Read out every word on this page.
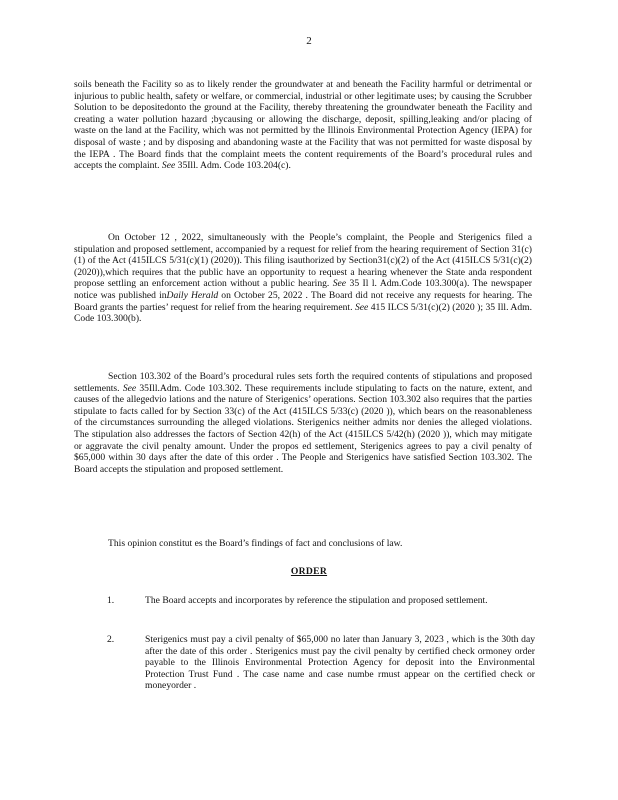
2

soils beneath the Facility so as to likely render the groundwater at and beneath the Facility harmful or detrimental or injurious to public health, safety or welfare, or commercial, industrial or other legitimate uses; by causing the Scrubber Solution to be depositedonto the ground at the Facility, thereby threatening the groundwater beneath the Facility and creating a water pollution hazard ;bycausing or allowing the discharge, deposit, spilling,leaking and/or placing of waste on the land at the Facility, which was not permitted by the Illinois Environmental Protection Agency (IEPA) for disposal of waste ; and by disposing and abandoning waste at the Facility that was not permitted for waste disposal by the IEPA . The Board finds that the complaint meets the content requirements of the Board’s procedural rules and accepts the complaint. See 35Ill. Adm. Code 103.204(c).

On October 12 , 2022, simultaneously with the People’s complaint, the People and Sterigenics filed a stipulation and proposed settlement, accompanied by a request for relief from the hearing requirement of Section 31(c)(1) of the Act (415ILCS 5/31(c)(1) (2020)). This filing isauthorized by Section31(c)(2) of the Act (415ILCS 5/31(c)(2) (2020)),which requires that the public have an opportunity to request a hearing whenever the State anda respondent propose settling an enforcement action without a public hearing. See 35 Il l. Adm.Code 103.300(a). The newspaper notice was published inDaily Herald on October 25, 2022 . The Board did not receive any requests for hearing. The Board grants the parties’ request for relief from the hearing requirement. See 415 ILCS 5/31(c)(2) (2020 ); 35 Ill. Adm. Code 103.300(b).

Section 103.302 of the Board’s procedural rules sets forth the required contents of stipulations and proposed settlements. See 35Ill.Adm. Code 103.302. These requirements include stipulating to facts on the nature, extent, and causes of the allegedvio lations and the nature of Sterigenics’ operations. Section 103.302 also requires that the parties stipulate to facts called for by Section 33(c) of the Act (415ILCS 5/33(c) (2020 )), which bears on the reasonableness of the circumstances surrounding the alleged violations. Sterigenics neither admits nor denies the alleged violations. The stipulation also addresses the factors of Section 42(h) of the Act (415ILCS 5/42(h) (2020 )), which may mitigate or aggravate the civil penalty amount. Under the propos ed settlement, Sterigenics agrees to pay a civil penalty of $65,000 within 30 days after the date of this order . The People and Sterigenics have satisfied Section 103.302. The Board accepts the stipulation and proposed settlement.

This opinion constitut es the Board’s findings of fact and conclusions of law.

ORDER
1.	The Board accepts and incorporates by reference the stipulation and proposed settlement.

2.	Sterigenics must pay a civil penalty of $65,000 no later than January 3, 2023 , which is the 30th day after the date of this order . Sterigenics must pay the civil penalty by certified check ormoney order payable to the Illinois Environmental Protection Agency for deposit into the Environmental Protection Trust Fund . The case name and case numbe rmust appear on the certified check or moneyorder .
